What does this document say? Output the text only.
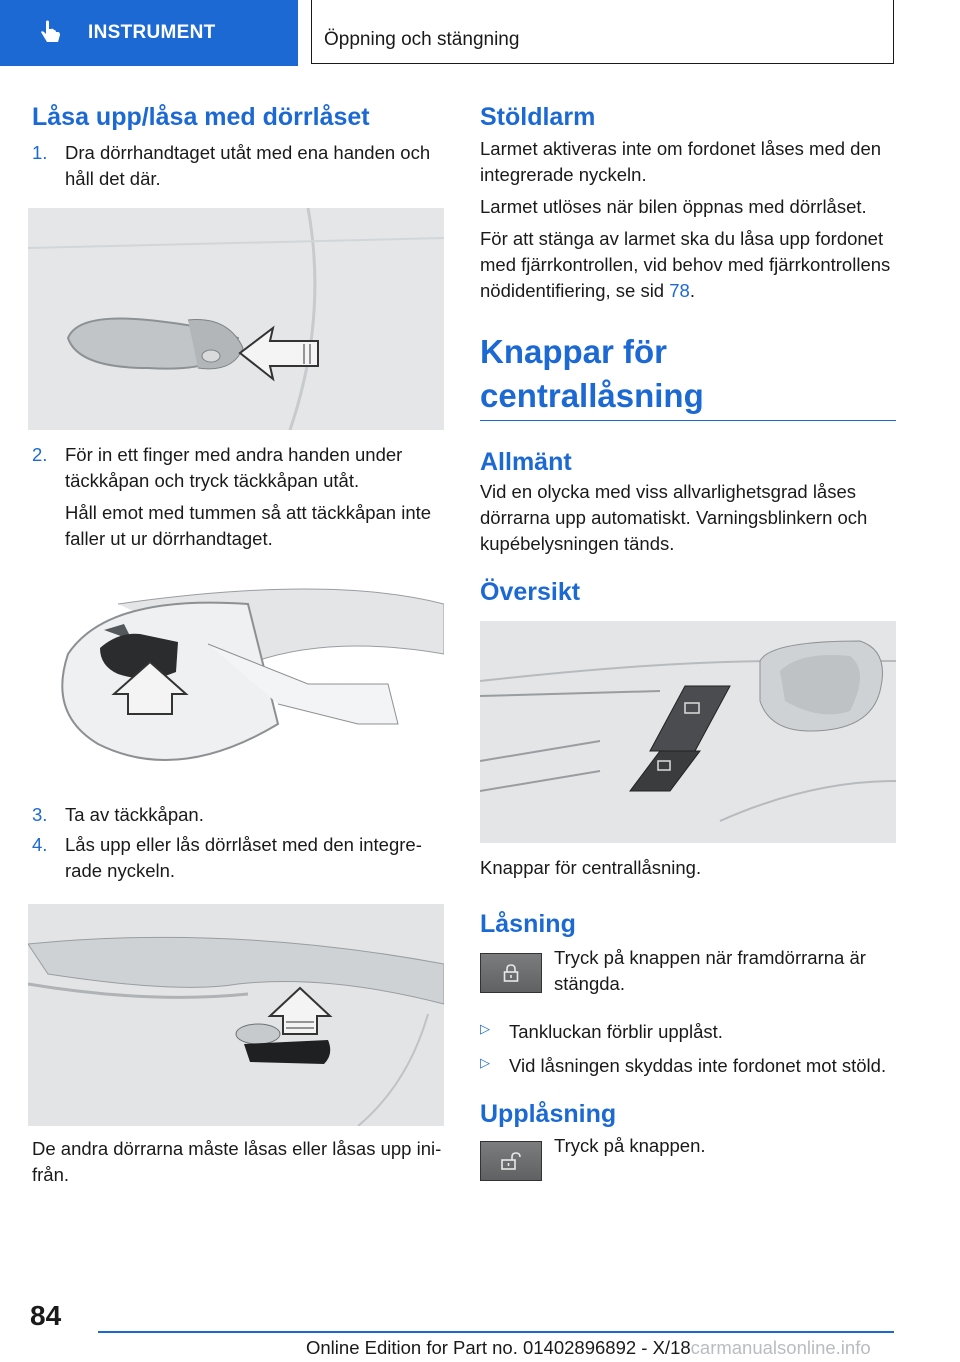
INSTRUMENT	Öppning och stängning
Låsa upp/låsa med dörrlåset
1. Dra dörrhandtaget utåt med ena handen och håll det där.
2. För in ett finger med andra handen under täckkåpan och tryck täckkåpan utåt.
Håll emot med tummen så att täckkåpan inte faller ut ur dörrhandtaget.
3. Ta av täckkåpan.
4. Lås upp eller lås dörrlåset med den integrerade nyckeln.

De andra dörrarna måste låsas eller låsas upp inifrån.

Stöldlarm

Larmet aktiveras inte om fordonet låses med den integrerade nyckeln.

Larmet utlöses när bilen öppnas med dörrlåset.

För att stänga av larmet ska du låsa upp fordonet med fjärrkontrollen, vid behov med fjärrkontrollens nödidentifiering, se sid 78.

Knappar för centrallåsning
Allmänt

Vid en olycka med viss allvarlighetsgrad låses dörrarna upp automatiskt. Varningsblinkern och kupébelysningen tänds.

Översikt

Knappar för centrallåsning.

Låsning

Tryck på knappen när framdörrarna är stängda.

▷	Tankluckan förblir upplåst.
▷	Vid låsningen skyddas inte fordonet mot stöld.
Upplåsning

Tryck på knappen.

84
Online Edition for Part no. 01402896892 - X/18carmanualsonline.info
